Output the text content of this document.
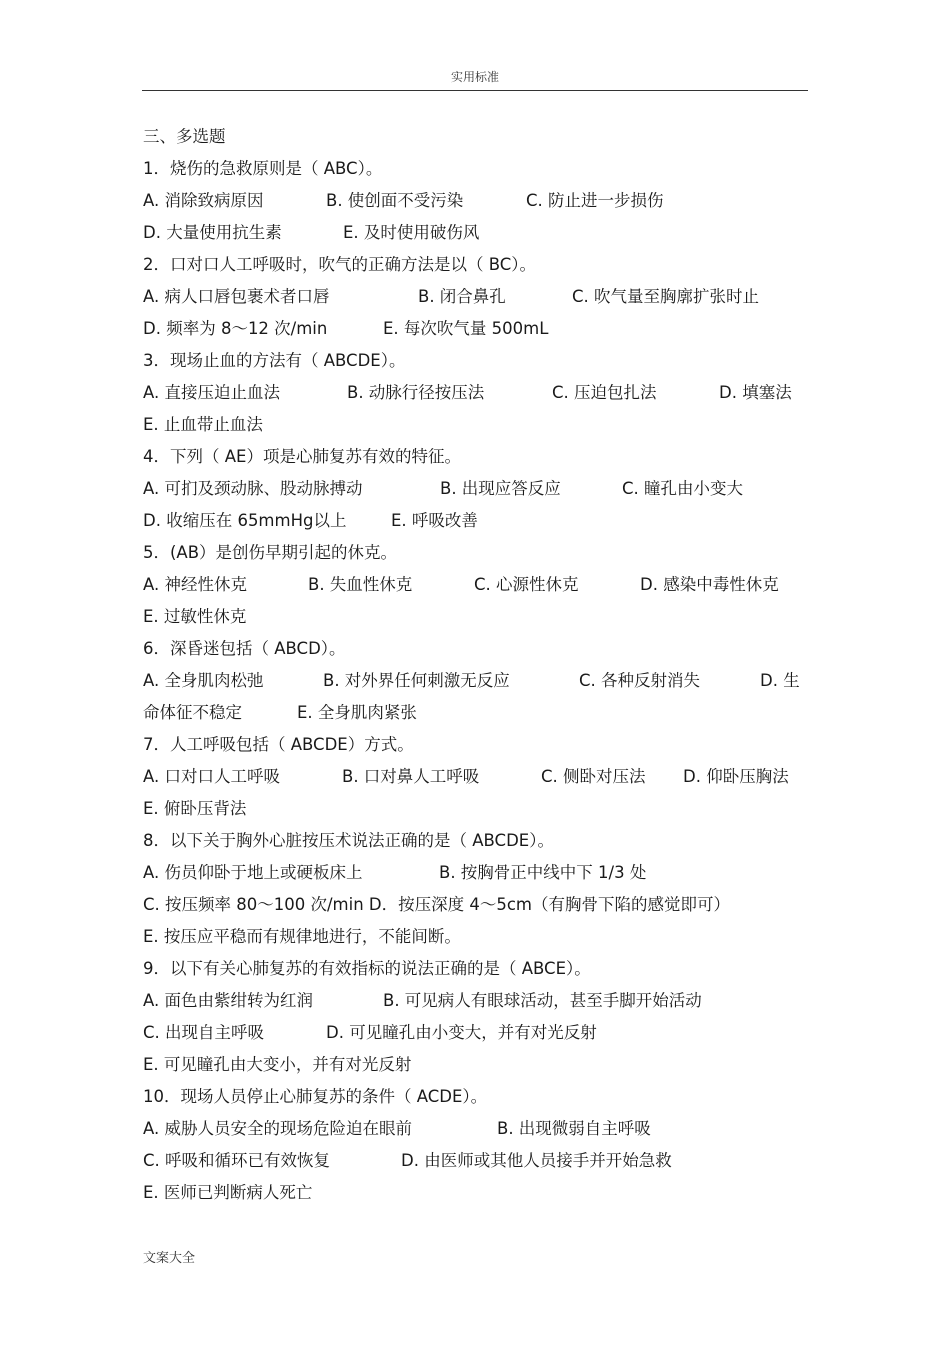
实用标准
三、多选题
1．烧伤的急救原则是（ ABC）。
A. 消除致病原因	B. 使创面不受污染	C. 防止进一步损伤
D. 大量使用抗生素	E. 及时使用破伤风
2．口对口人工呼吸时，吹气的正确方法是以（ BC）。
A. 病人口唇包裹术者口唇	B. 闭合鼻孔	C. 吹气量至胸廓扩张时止
D. 频率为 8～12 次/min	E. 每次吹气量 500mL
3．现场止血的方法有（ ABCDE）。
A. 直接压迫止血法	B. 动脉行径按压法	C. 压迫包扎法	D. 填塞法
E. 止血带止血法
4．下列（ AE）项是心肺复苏有效的特征。
A. 可扪及颈动脉、股动脉搏动	B. 出现应答反应	C. 瞳孔由小变大
D. 收缩压在 65mmHg以上	E. 呼吸改善
5．(AB）是创伤早期引起的休克。
A. 神经性休克	B. 失血性休克	C. 心源性休克	D. 感染中毒性休克
E. 过敏性休克
6．深昏迷包括（ ABCD）。
A. 全身肌肉松弛	B. 对外界任何刺激无反应	C. 各种反射消失	D. 生
命体征不稳定	E. 全身肌肉紧张
7．人工呼吸包括（ ABCDE）方式。
A. 口对口人工呼吸	B. 口对鼻人工呼吸	C. 侧卧对压法 D. 仰卧压胸法
E. 俯卧压背法
8．以下关于胸外心脏按压术说法正确的是（ ABCDE）。
A. 伤员仰卧于地上或硬板床上	B. 按胸骨正中线中下 1/3 处
C. 按压频率 80～100 次/min D．按压深度 4～5cm（有胸骨下陷的感觉即可）
E. 按压应平稳而有规律地进行，不能间断。
9．以下有关心肺复苏的有效指标的说法正确的是（ ABCE）。
A. 面色由紫绀转为红润	B. 可见病人有眼球活动，甚至手脚开始活动
C. 出现自主呼吸	D. 可见瞳孔由小变大，并有对光反射
E. 可见瞳孔由大变小，并有对光反射
10．现场人员停止心肺复苏的条件（ ACDE）。
A. 威胁人员安全的现场危险迫在眼前	B. 出现微弱自主呼吸
C. 呼吸和循环已有效恢复	D. 由医师或其他人员接手并开始急救
E. 医师已判断病人死亡
文案大全
